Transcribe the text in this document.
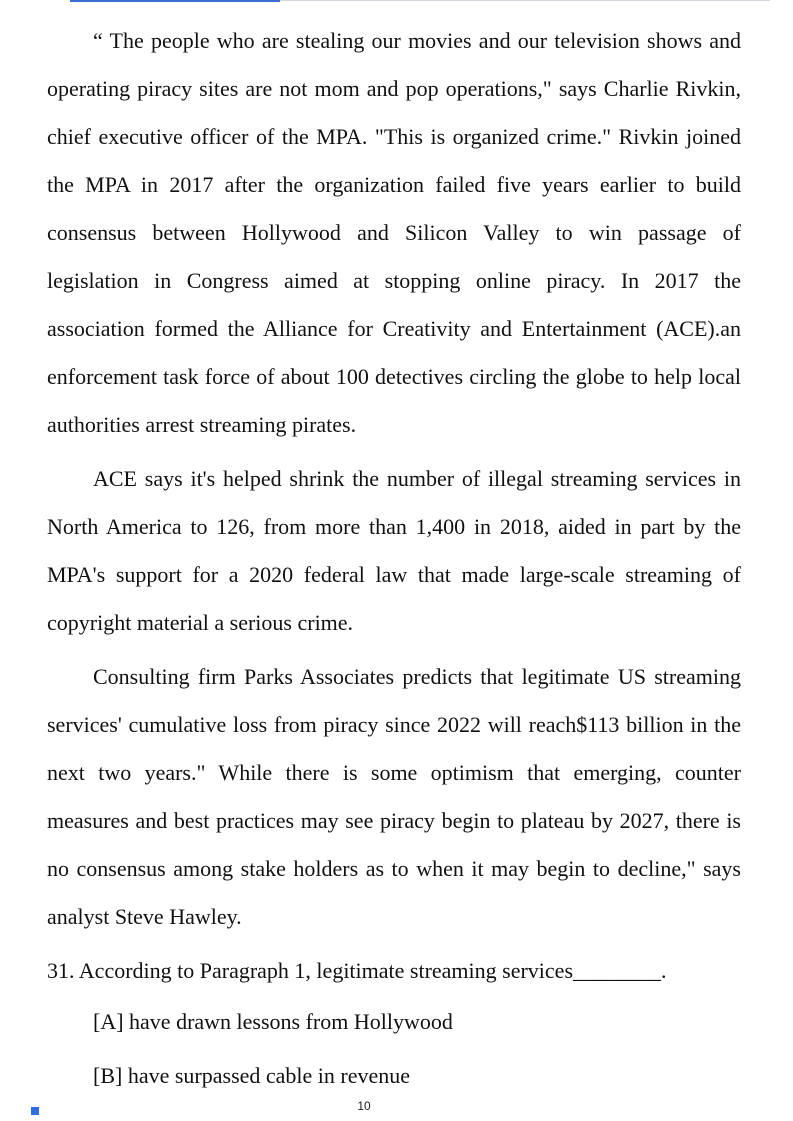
“ The people who are stealing our movies and our television shows and operating piracy sites are not mom and pop operations," says Charlie Rivkin, chief executive officer of the MPA. "This is organized crime." Rivkin joined the MPA in 2017 after the organization failed five years earlier to build consensus between Hollywood and Silicon Valley to win passage of legislation in Congress aimed at stopping online piracy. In 2017 the association formed the Alliance for Creativity and Entertainment (ACE).an enforcement task force of about 100 detectives circling the globe to help local authorities arrest streaming pirates.

ACE says it's helped shrink the number of illegal streaming services in North America to 126, from more than 1,400 in 2018, aided in part by the MPA's support for a 2020 federal law that made large-scale streaming of copyright material a serious crime.

Consulting firm Parks Associates predicts that legitimate US streaming services' cumulative loss from piracy since 2022 will reach$113 billion in the next two years." While there is some optimism that emerging, counter measures and best practices may see piracy begin to plateau by 2027, there is no consensus among stake holders as to when it may begin to decline," says analyst Steve Hawley.

31. According to Paragraph 1, legitimate streaming services________.

[A] have drawn lessons from Hollywood

[B] have surpassed cable in revenue

10
